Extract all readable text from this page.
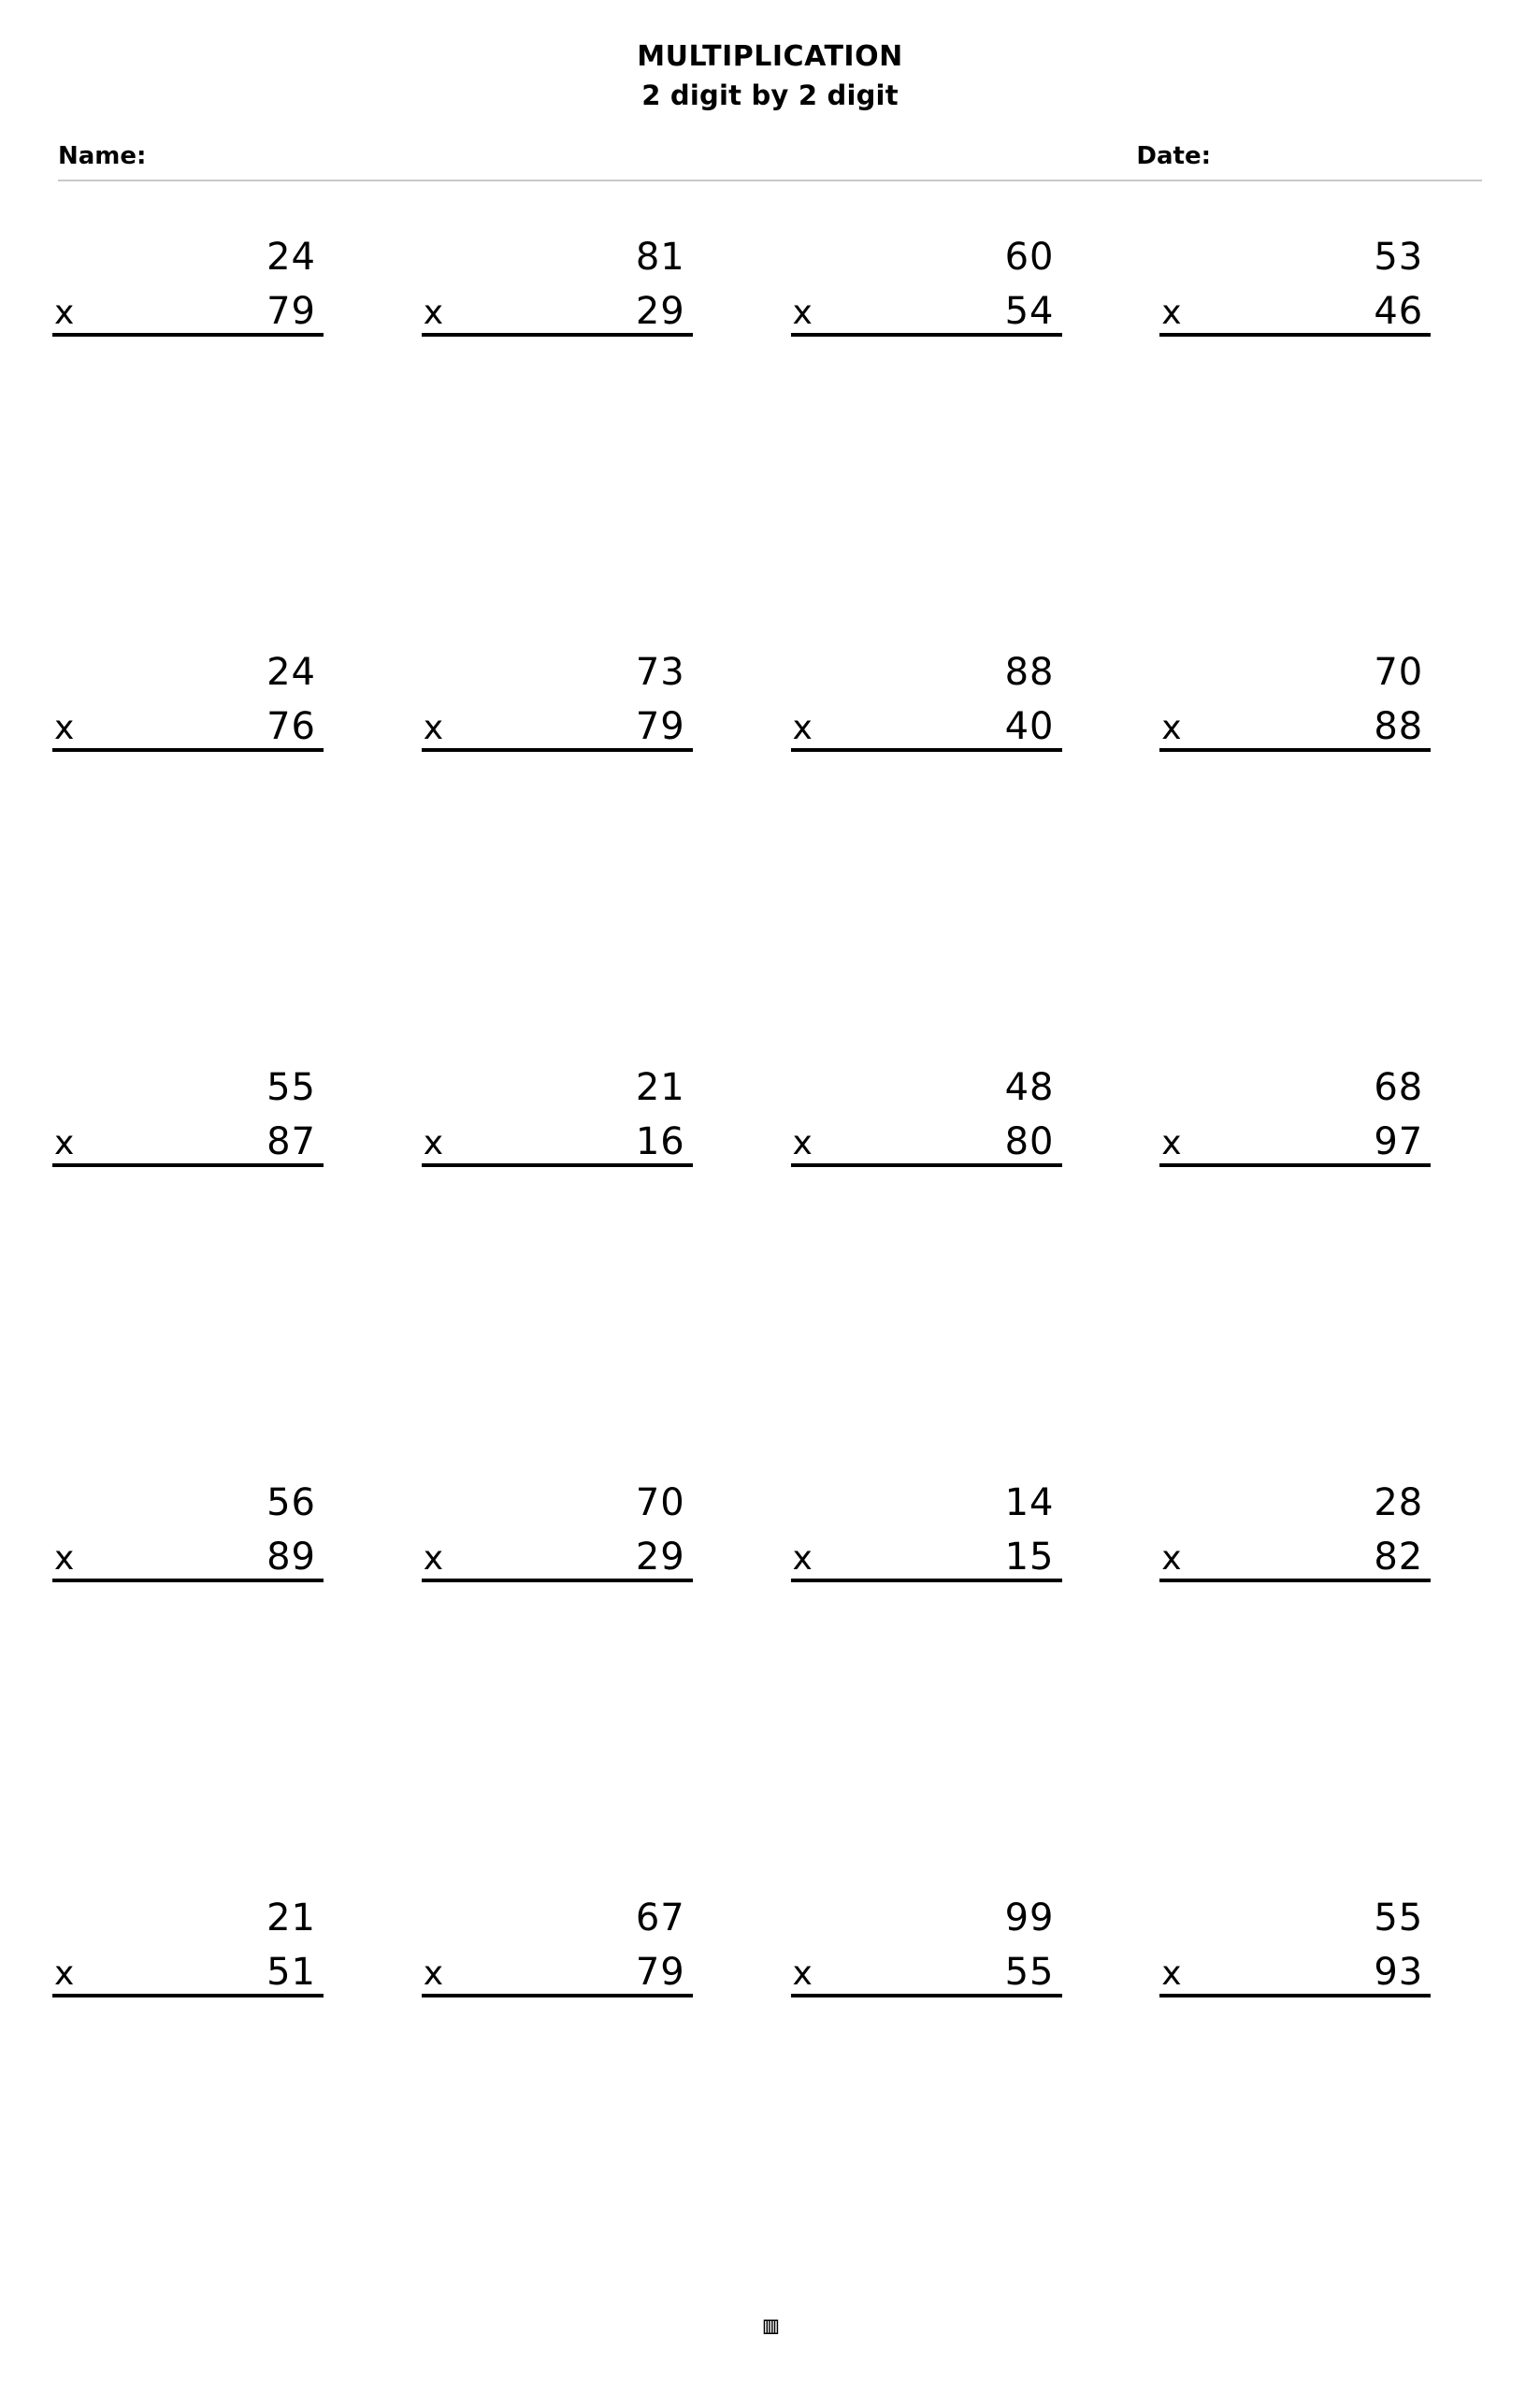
MULTIPLICATION
2 digit by 2 digit
Name:	Date:
24
x	79
81
x	29
60
x	54
53
x	46
24
x	76
73
x	79
88
x	40
70
x	88
55
x	87
21
x	16
48
x	80
68
x	97
56
x	89
70
x	29
14
x	15
28
x	82
21
x	51
67
x	79
99
x	55
55
x	93
▥
